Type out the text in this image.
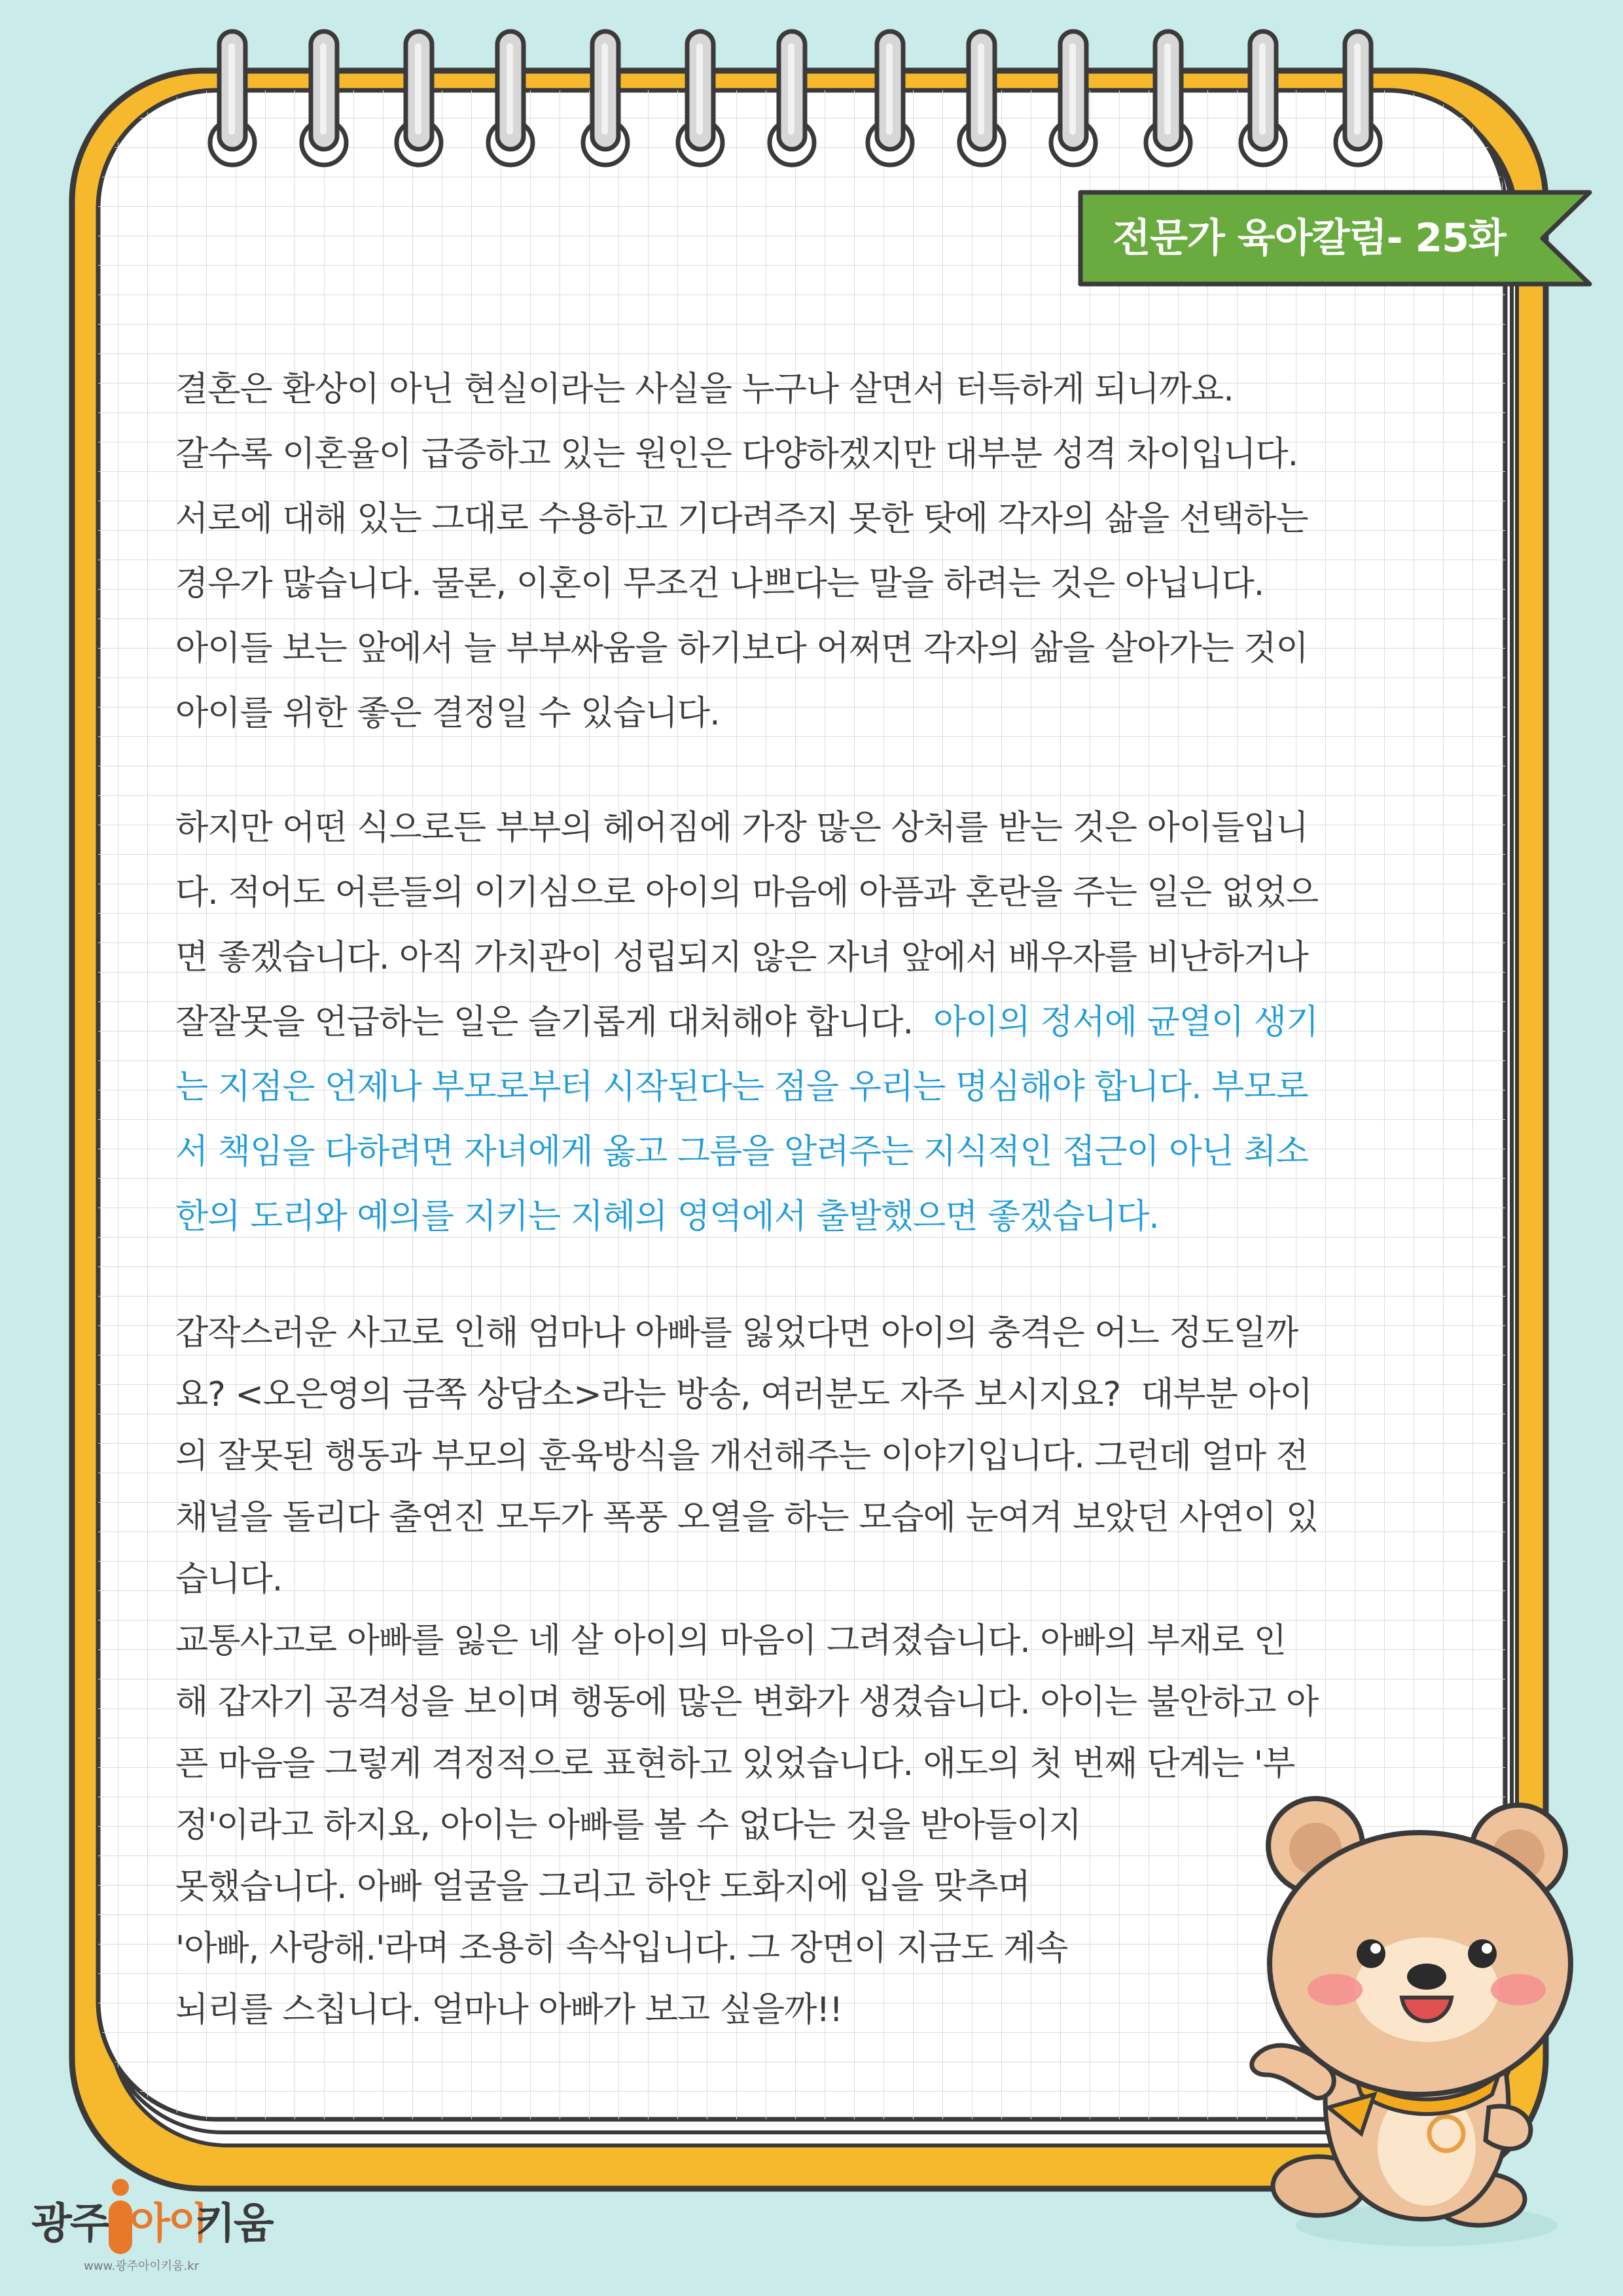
전문가 육아칼럼- 25화
결혼은 환상이 아닌 현실이라는 사실을 누구나 살면서 터득하게 되니까요.
갈수록 이혼율이 급증하고 있는 원인은 다양하겠지만 대부분 성격 차이입니다.
서로에 대해 있는 그대로 수용하고 기다려주지 못한 탓에 각자의 삶을 선택하는
경우가 많습니다. 물론, 이혼이 무조건 나쁘다는 말을 하려는 것은 아닙니다.
아이들 보는 앞에서 늘 부부싸움을 하기보다 어쩌면 각자의 삶을 살아가는 것이
아이를 위한 좋은 결정일 수 있습니다.
하지만 어떤 식으로든 부부의 헤어짐에 가장 많은 상처를 받는 것은 아이들입니
다. 적어도 어른들의 이기심으로 아이의 마음에 아픔과 혼란을 주는 일은 없었으
면 좋겠습니다. 아직 가치관이 성립되지 않은 자녀 앞에서 배우자를 비난하거나
잘잘못을 언급하는 일은 슬기롭게 대처해야 합니다.  아이의 정서에 균열이 생기
는 지점은 언제나 부모로부터 시작된다는 점을 우리는 명심해야 합니다. 부모로
서 책임을 다하려면 자녀에게 옳고 그름을 알려주는 지식적인 접근이 아닌 최소
한의 도리와 예의를 지키는 지혜의 영역에서 출발했으면 좋겠습니다.
갑작스러운 사고로 인해 엄마나 아빠를 잃었다면 아이의 충격은 어느 정도일까
요? <오은영의 금쪽 상담소>라는 방송, 여러분도 자주 보시지요?  대부분 아이
의 잘못된 행동과 부모의 훈육방식을 개선해주는 이야기입니다. 그런데 얼마 전
채널을 돌리다 출연진 모두가 폭풍 오열을 하는 모습에 눈여겨 보았던 사연이 있
습니다.
교통사고로 아빠를 잃은 네 살 아이의 마음이 그려졌습니다. 아빠의 부재로 인
해 갑자기 공격성을 보이며 행동에 많은 변화가 생겼습니다. 아이는 불안하고 아
픈 마음을 그렇게 격정적으로 표현하고 있었습니다. 애도의 첫 번째 단계는 '부
정'이라고 하지요, 아이는 아빠를 볼 수 없다는 것을 받아들이지
못했습니다. 아빠 얼굴을 그리고 하얀 도화지에 입을 맞추며
'아빠, 사랑해.'라며 조용히 속삭입니다. 그 장면이 지금도 계속
뇌리를 스칩니다. 얼마나 아빠가 보고 싶을까!!
광주 아이
키움
www.광주아이키움.kr
